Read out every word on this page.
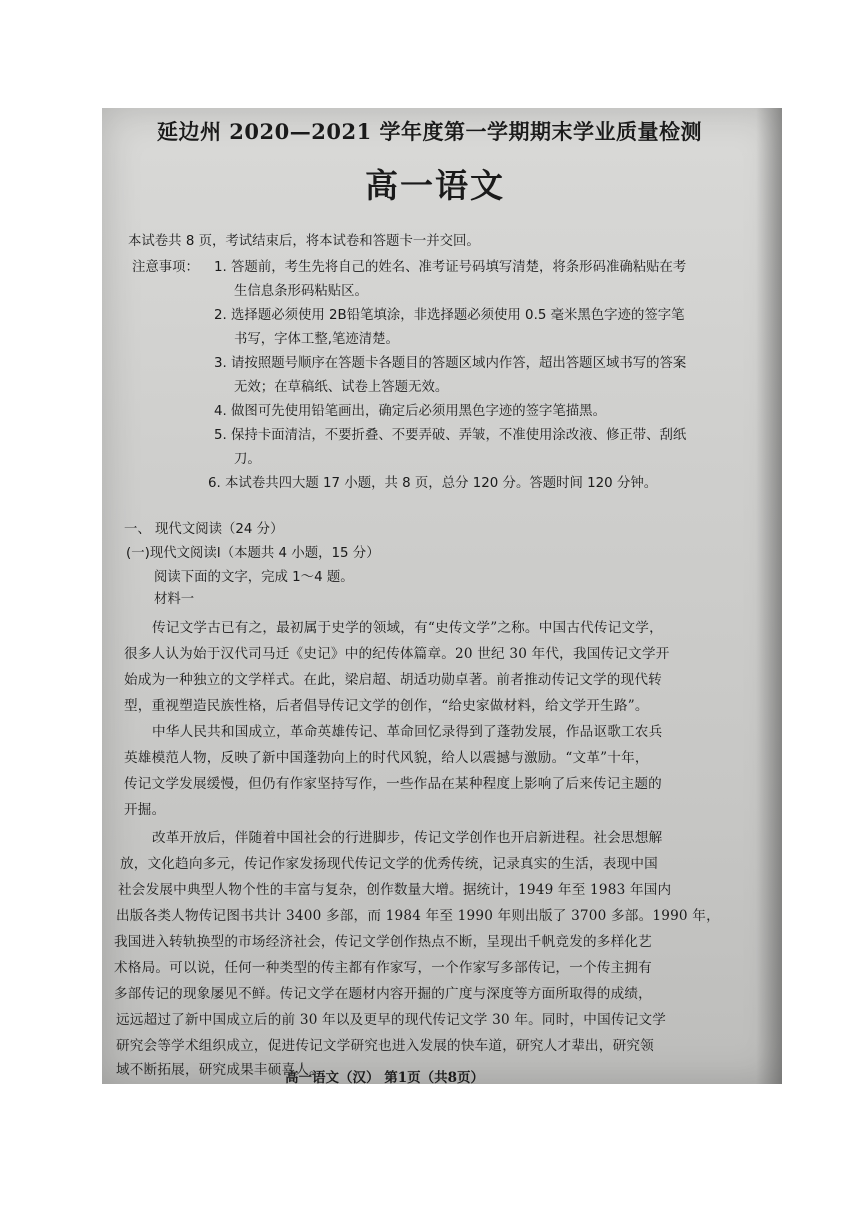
延边州 2020—2021 学年度第一学期期末学业质量检测
高一语文
本试卷共 8 页，考试结束后，将本试卷和答题卡一并交回。
注意事项： 1. 答题前，考生先将自己的姓名、准考证号码填写清楚，将条形码准确粘贴在考
生信息条形码粘贴区。
2. 选择题必须使用 2B铅笔填涂，非选择题必须使用 0.5 毫米黑色字迹的签字笔
书写，字体工整,笔迹清楚。
3. 请按照题号顺序在答题卡各题目的答题区域内作答，超出答题区域书写的答案
无效；在草稿纸、试卷上答题无效。
4. 做图可先使用铅笔画出，确定后必须用黑色字迹的签字笔描黑。
5. 保持卡面清洁，不要折叠、不要弄破、弄皱，不准使用涂改液、修正带、刮纸
刀。
6. 本试卷共四大题 17 小题，共 8 页，总分 120 分。答题时间 120 分钟。
一、 现代文阅读（24 分）
(一)现代文阅读Ⅰ（本题共 4 小题，15 分）
阅读下面的文字，完成 1～4 题。
材料一
传记文学古已有之，最初属于史学的领域，有“史传文学”之称。中国古代传记文学，
很多人认为始于汉代司马迁《史记》中的纪传体篇章。20 世纪 30 年代，我国传记文学开
始成为一种独立的文学样式。在此，梁启超、胡适功勋卓著。前者推动传记文学的现代转
型，重视塑造民族性格，后者倡导传记文学的创作，“给史家做材料，给文学开生路”。
中华人民共和国成立，革命英雄传记、革命回忆录得到了蓬勃发展，作品讴歌工农兵
英雄模范人物，反映了新中国蓬勃向上的时代风貌，给人以震撼与激励。“文革”十年，
传记文学发展缓慢，但仍有作家坚持写作，一些作品在某种程度上影响了后来传记主题的
开掘。
改革开放后，伴随着中国社会的行进脚步，传记文学创作也开启新进程。社会思想解
放，文化趋向多元，传记作家发扬现代传记文学的优秀传统，记录真实的生活，表现中国
社会发展中典型人物个性的丰富与复杂，创作数量大增。据统计，1949 年至 1983 年国内
出版各类人物传记图书共计 3400 多部，而 1984 年至 1990 年则出版了 3700 多部。1990 年，
我国进入转轨换型的市场经济社会，传记文学创作热点不断，呈现出千帆竞发的多样化艺
术格局。可以说，任何一种类型的传主都有作家写，一个作家写多部传记，一个传主拥有
多部传记的现象屡见不鲜。传记文学在题材内容开掘的广度与深度等方面所取得的成绩，
远远超过了新中国成立后的前 30 年以及更早的现代传记文学 30 年。同时，中国传记文学
研究会等学术组织成立，促进传记文学研究也进入发展的快车道，研究人才辈出，研究领
域不断拓展，研究成果丰硕喜人。
高一语文（汉） 第1页（共8页）
